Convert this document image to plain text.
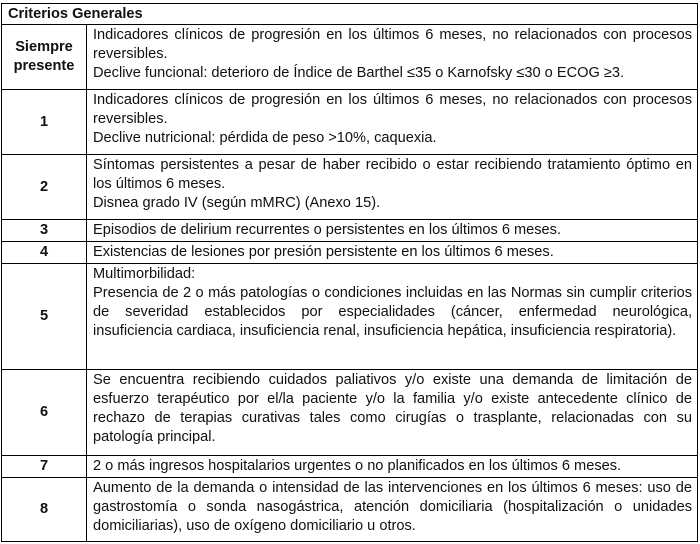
Criterios Generales	
Siempre presente	Indicadores clínicos de progresión en los últimos 6 meses, no relacionados con procesos reversibles.
Declive funcional: deterioro de Índice de Barthel ≤35 o Karnofsky ≤30 o ECOG ≥3.

1	Indicadores clínicos de progresión en los últimos 6 meses, no relacionados con procesos reversibles.
Declive nutricional: pérdida de peso >10%, caquexia.

2	Síntomas persistentes a pesar de haber recibido o estar recibiendo tratamiento óptimo en los últimos 6 meses.
Disnea grado IV (según mMRC) (Anexo 15).

3	Episodios de delirium recurrentes o persistentes en los últimos 6 meses.

4	Existencias de lesiones por presión persistente en los últimos 6 meses.

5	Multimorbilidad:
Presencia de 2 o más patologías o condiciones incluidas en las Normas sin cumplir criterios de severidad establecidos por especialidades (cáncer, enfermedad neurológica, insuficiencia cardiaca, insuficiencia renal, insuficiencia hepática, insuficiencia respiratoria).

6	Se encuentra recibiendo cuidados paliativos y/o existe una demanda de limitación de esfuerzo terapéutico por el/la paciente y/o la familia y/o existe antecedente clínico de rechazo de terapias curativas tales como cirugías o trasplante, relacionadas con su patología principal.

7	2 o más ingresos hospitalarios urgentes o no planificados en los últimos 6 meses.

8	Aumento de la demanda o intensidad de las intervenciones en los últimos 6 meses: uso de gastrostomía o sonda nasogástrica, atención domiciliaria (hospitalización o unidades domiciliarias), uso de oxígeno domiciliario u otros.
